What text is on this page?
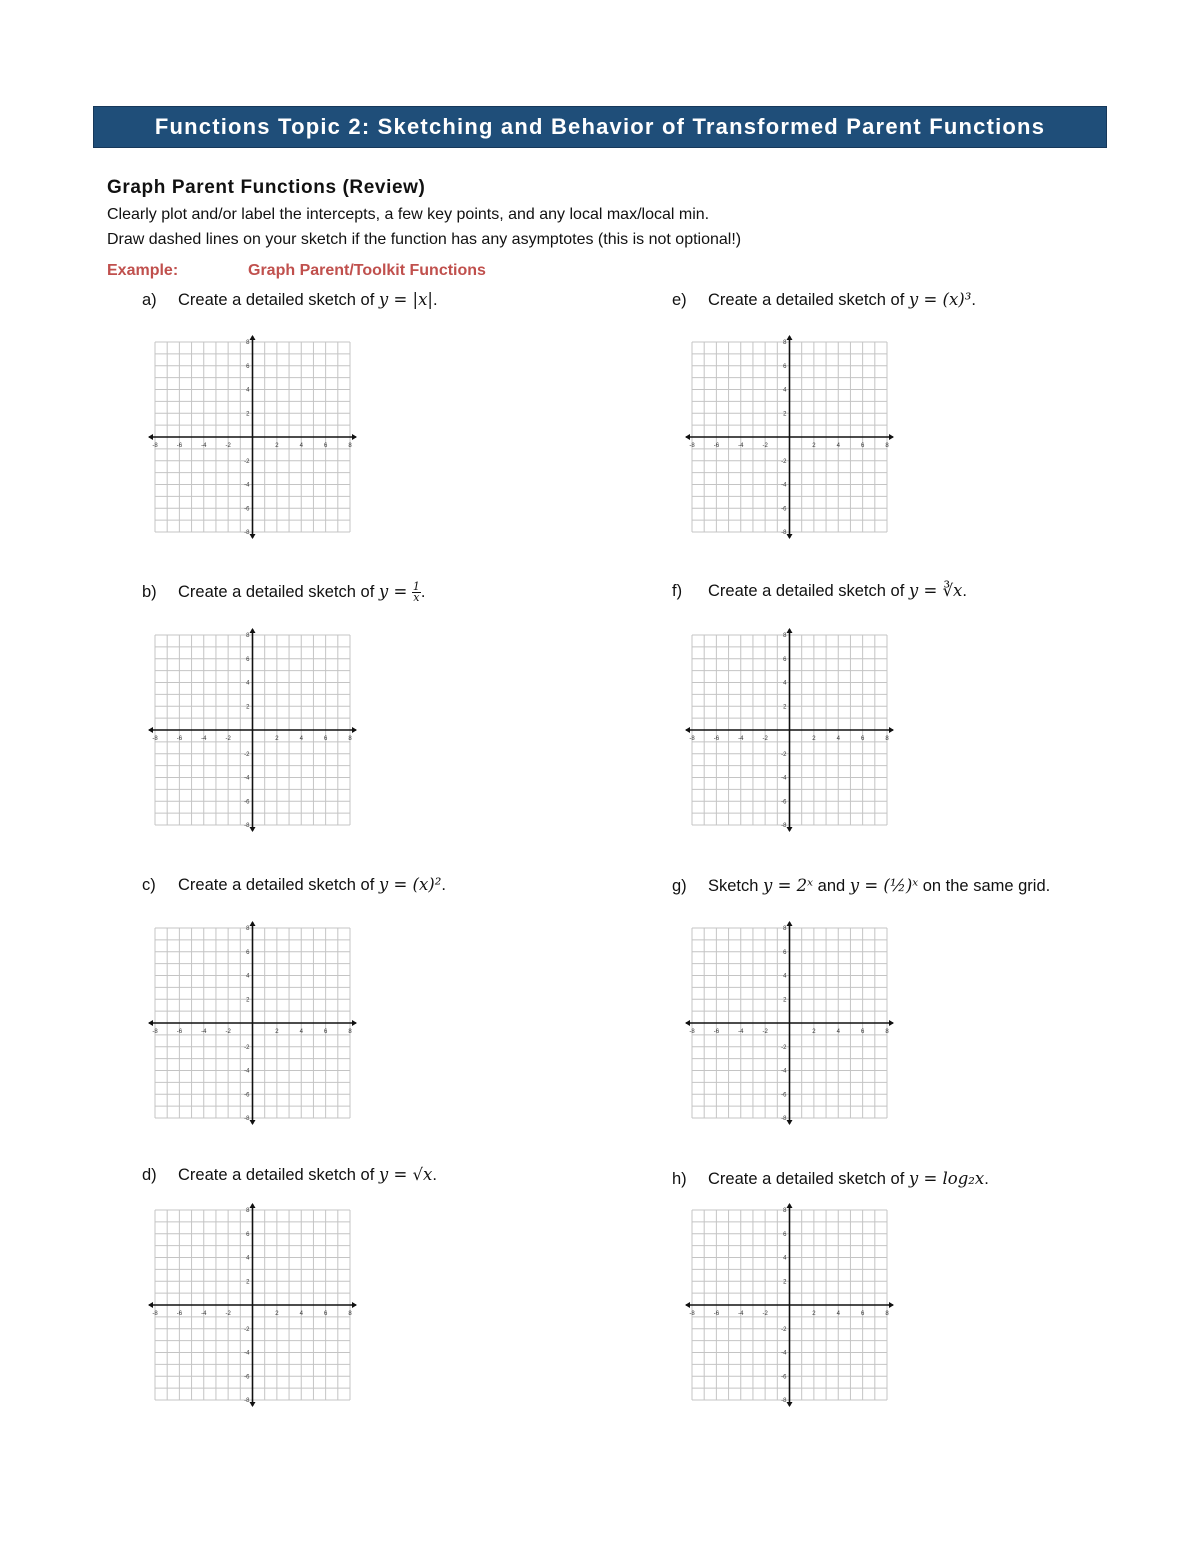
Functions Topic 2: Sketching and Behavior of Transformed Parent Functions
Graph Parent Functions (Review)
Clearly plot and/or label the intercepts, a few key points, and any local max/local min.
Draw dashed lines on your sketch if the function has any asymptotes (this is not optional!)
Example:	Graph Parent/Toolkit Functions
a) Create a detailed sketch of 𝑦 = |𝑥|.
b) Create a detailed sketch of 𝑦 = $\frac{1}{\text{𝑥}}$ .
c) Create a detailed sketch of 𝑦 = (𝑥)².
d) Create a detailed sketch of 𝑦 = √𝑥.
e) Create a detailed sketch of 𝑦 = (𝑥)³.
f) Create a detailed sketch of 𝑦 = ∛𝑥.
g) Sketch 𝑦 = 2ˣ and 𝑦 = (½)ˣ on the same grid.
h) Create a detailed sketch of 𝑦 = 𝑙𝑜𝑔₂𝑥.
-8	-6	-4	-2	2	4	6	8
8
6
4
2
-2
-4
-6
-8
-8	-6	-4	-2	2	4	6	8
8
6
4
2
-2
-4
-6
-8
-8	-6	-4	-2	2	4	6	8
8
6
4
2
-2
-4
-6
-8
-8	-6	-4	-2	2	4	6	8
8
6
4
2
-2
-4
-6
-8
-8	-6	-4	-2	2	4	6	8
8
6
4
2
-2
-4
-6
-8
-8	-6	-4	-2	2	4	6	8
8
6
4
2
-2
-4
-6
-8
-8	-6	-4	-2	2	4	6	8
8
6
4
2
-2
-4
-6
-8
-8	-6	-4	-2	2	4	6	8
8
6
4
2
-2
-4
-6
-8
